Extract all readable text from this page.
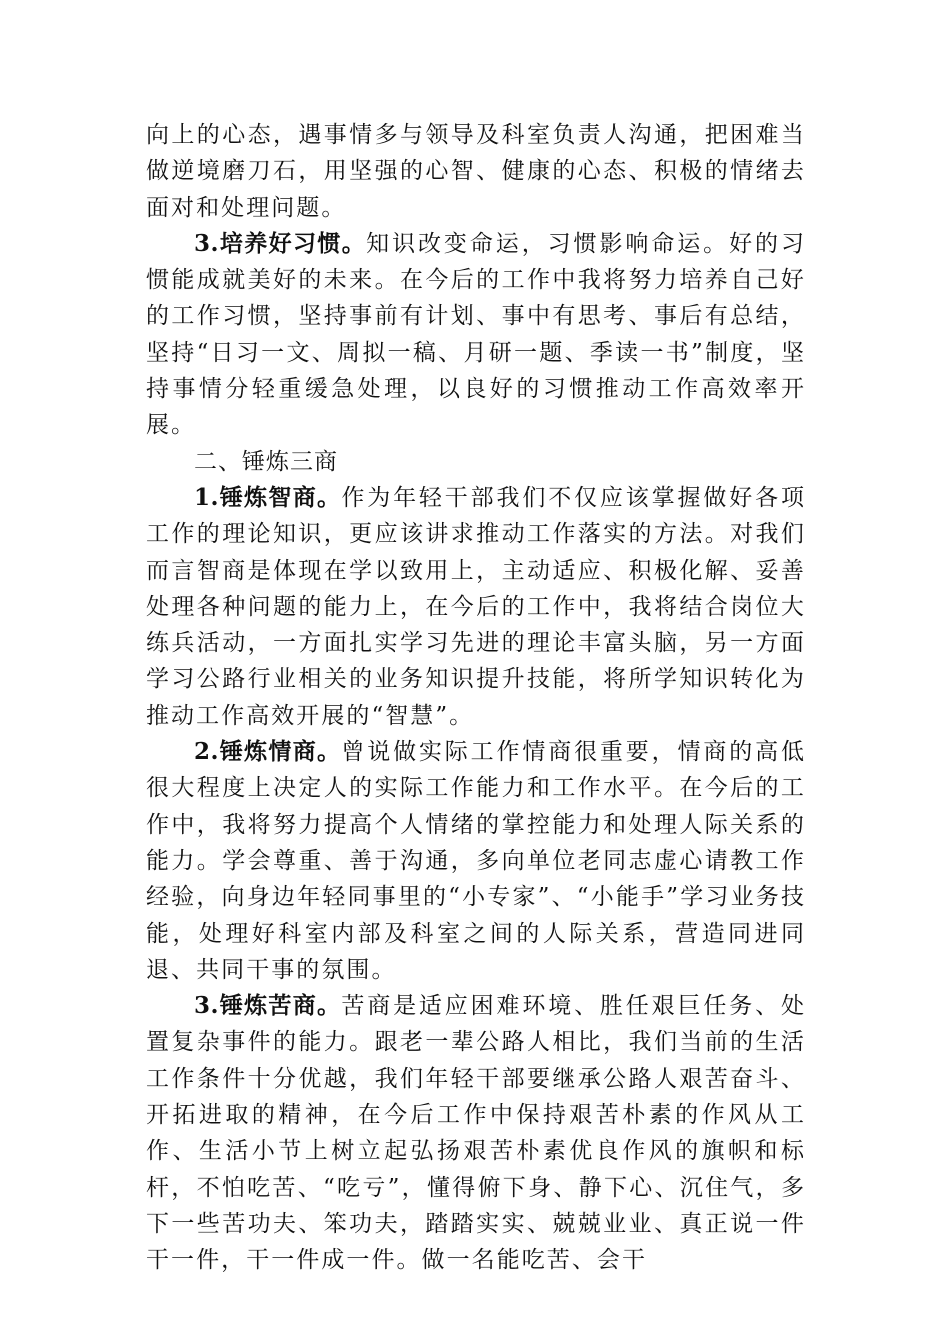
向上的心态，遇事情多与领导及科室负责人沟通，把困难当做逆境磨刀石，用坚强的心智、健康的心态、积极的情绪去面对和处理问题。

3.培养好习惯。知识改变命运，习惯影响命运。好的习惯能成就美好的未来。在今后的工作中我将努力培养自己好的工作习惯，坚持事前有计划、事中有思考、事后有总结，坚持“日习一文、周拟一稿、月研一题、季读一书”制度，坚持事情分轻重缓急处理，以良好的习惯推动工作高效率开展。

二、锤炼三商

1.锤炼智商。作为年轻干部我们不仅应该掌握做好各项工作的理论知识，更应该讲求推动工作落实的方法。对我们而言智商是体现在学以致用上，主动适应、积极化解、妥善处理各种问题的能力上，在今后的工作中，我将结合岗位大练兵活动，一方面扎实学习先进的理论丰富头脑，另一方面学习公路行业相关的业务知识提升技能，将所学知识转化为推动工作高效开展的“智慧”。

2.锤炼情商。曾说做实际工作情商很重要，情商的高低很大程度上决定人的实际工作能力和工作水平。在今后的工作中，我将努力提高个人情绪的掌控能力和处理人际关系的能力。学会尊重、善于沟通，多向单位老同志虚心请教工作经验，向身边年轻同事里的“小专家”、“小能手”学习业务技能，处理好科室内部及科室之间的人际关系，营造同进同退、共同干事的氛围。

3.锤炼苦商。苦商是适应困难环境、胜任艰巨任务、处置复杂事件的能力。跟老一辈公路人相比，我们当前的生活工作条件十分优越，我们年轻干部要继承公路人艰苦奋斗、开拓进取的精神，在今后工作中保持艰苦朴素的作风从工作、生活小节上树立起弘扬艰苦朴素优良作风的旗帜和标杆，不怕吃苦、“吃亏”，懂得俯下身、静下心、沉住气，多下一些苦功夫、笨功夫，踏踏实实、兢兢业业、真正说一件干一件，干一件成一件。做一名能吃苦、会干
